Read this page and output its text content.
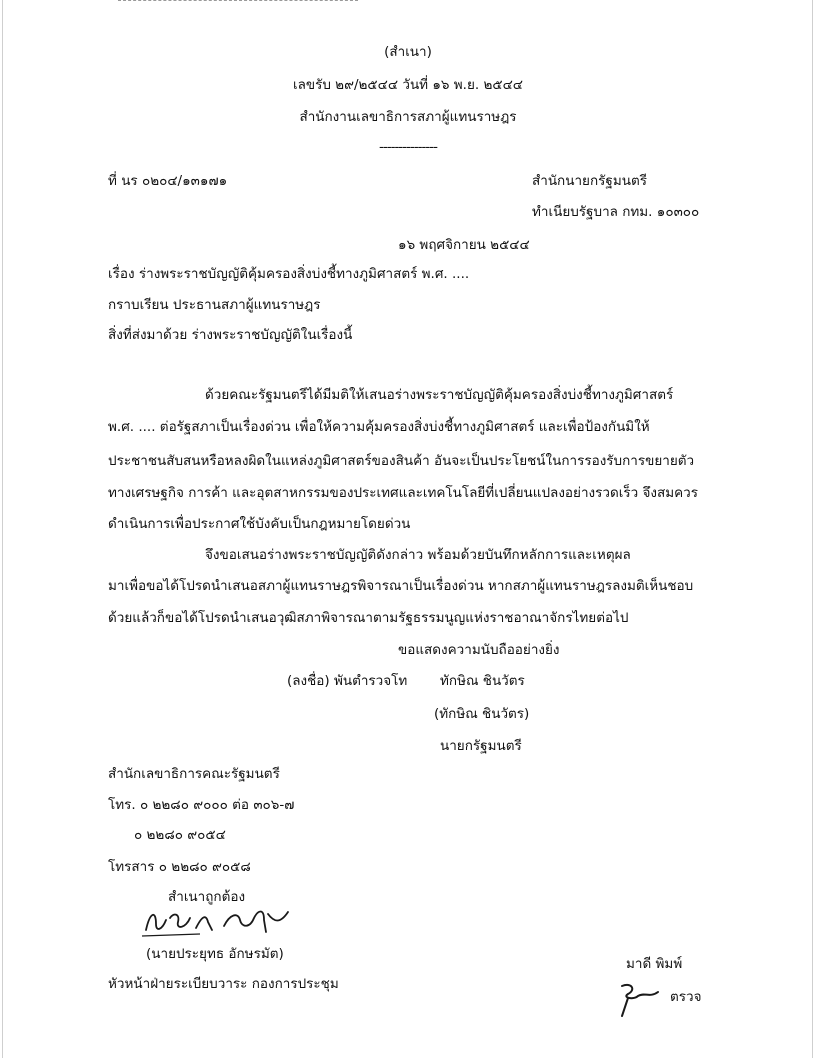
(สำเนา)
เลขรับ ๒๙/๒๕๔๔ วันที่ ๑๖ พ.ย. ๒๕๔๔
สำนักงานเลขาธิการสภาผู้แทนราษฎร
---------------
ที่ นร ๐๒๐๔/๑๓๑๗๑	สำนักนายกรัฐมนตรี
ทำเนียบรัฐบาล กทม. ๑๐๓๐๐
๑๖ พฤศจิกายน ๒๕๔๔
เรื่อง ร่างพระราชบัญญัติคุ้มครองสิ่งบ่งชี้ทางภูมิศาสตร์ พ.ศ. ....
กราบเรียน ประธานสภาผู้แทนราษฎร
สิ่งที่ส่งมาด้วย ร่างพระราชบัญญัติในเรื่องนี้
ด้วยคณะรัฐมนตรีได้มีมติให้เสนอร่างพระราชบัญญัติคุ้มครองสิ่งบ่งชี้ทางภูมิศาสตร์
พ.ศ. .... ต่อรัฐสภาเป็นเรื่องด่วน เพื่อให้ความคุ้มครองสิ่งบ่งชี้ทางภูมิศาสตร์ และเพื่อป้องกันมิให้
ประชาชนสับสนหรือหลงผิดในแหล่งภูมิศาสตร์ของสินค้า อันจะเป็นประโยชน์ในการรองรับการขยายตัว
ทางเศรษฐกิจ การค้า และอุตสาหกรรมของประเทศและเทคโนโลยีที่เปลี่ยนแปลงอย่างรวดเร็ว จึงสมควร
ดำเนินการเพื่อประกาศใช้บังคับเป็นกฎหมายโดยด่วน
จึงขอเสนอร่างพระราชบัญญัติดังกล่าว พร้อมด้วยบันทึกหลักการและเหตุผล
มาเพื่อขอได้โปรดนำเสนอสภาผู้แทนราษฎรพิจารณาเป็นเรื่องด่วน หากสภาผู้แทนราษฎรลงมติเห็นชอบ
ด้วยแล้วก็ขอได้โปรดนำเสนอวุฒิสภาพิจารณาตามรัฐธรรมนูญแห่งราชอาณาจักรไทยต่อไป
ขอแสดงความนับถืออย่างยิ่ง
(ลงชื่อ) พันตำรวจโท ทักษิณ ชินวัตร
(ทักษิณ ชินวัตร)
นายกรัฐมนตรี
สำนักเลขาธิการคณะรัฐมนตรี
โทร. ๐ ๒๒๘๐ ๙๐๐๐ ต่อ ๓๐๖-๗
๐ ๒๒๘๐ ๙๐๕๔
โทรสาร ๐ ๒๒๘๐ ๙๐๕๘
สำเนาถูกต้อง
(นายประยุทธ อักษรมัต)
หัวหน้าฝ่ายระเบียบวาระ กองการประชุม
มาดี พิมพ์
ตรวจ
